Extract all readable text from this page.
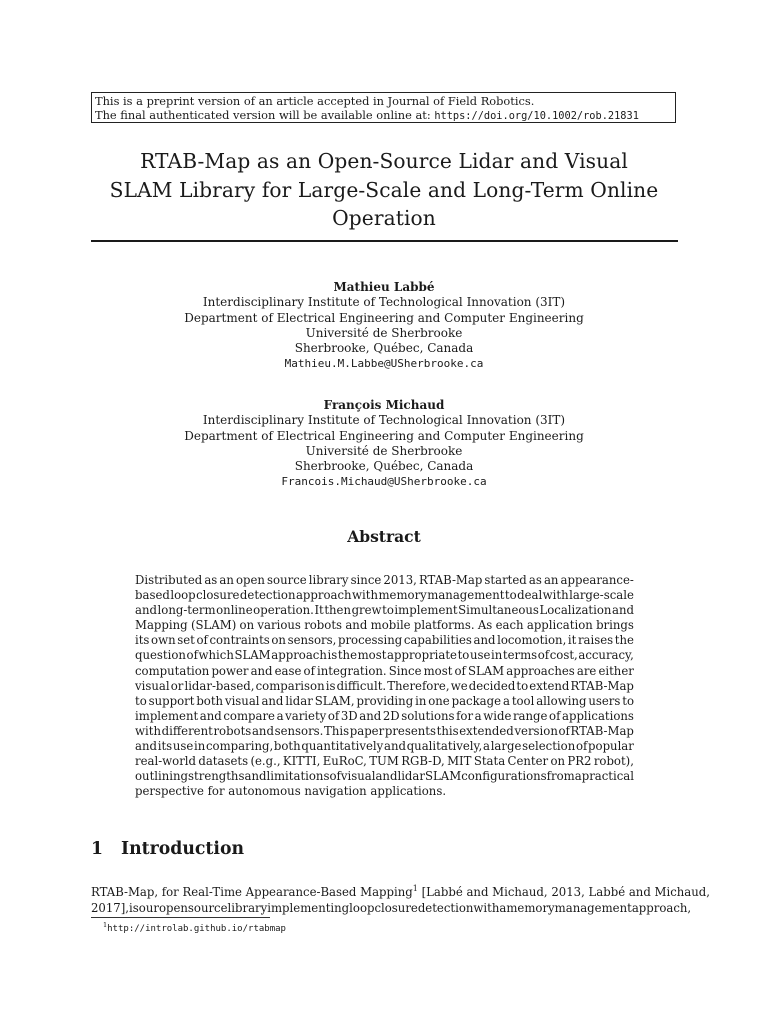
This is a preprint version of an article accepted in Journal of Field Robotics.
The final authenticated version will be available online at: https://doi.org/10.1002/rob.21831
RTAB-Map as an Open-Source Lidar and Visual
SLAM Library for Large-Scale and Long-Term Online
Operation
Mathieu Labbé
Interdisciplinary Institute of Technological Innovation (3IT)
Department of Electrical Engineering and Computer Engineering
Université de Sherbrooke
Sherbrooke, Québec, Canada
Mathieu.M.Labbe@USherbrooke.ca
François Michaud
Interdisciplinary Institute of Technological Innovation (3IT)
Department of Electrical Engineering and Computer Engineering
Université de Sherbrooke
Sherbrooke, Québec, Canada
Francois.Michaud@USherbrooke.ca
Abstract
Distributed as an open source library since 2013, RTAB-Map started as an appearance-
based loop closure detection approach with memory management to deal with large-scale
and long-term online operation. It then grew to implement Simultaneous Localization and
Mapping (SLAM) on various robots and mobile platforms. As each application brings
its own set of contraints on sensors, processing capabilities and locomotion, it raises the
question of which SLAM approach is the most appropriate to use in terms of cost, accuracy,
computation power and ease of integration. Since most of SLAM approaches are either
visual or lidar-based, comparison is difficult. Therefore, we decided to extend RTAB-Map
to support both visual and lidar SLAM, providing in one package a tool allowing users to
implement and compare a variety of 3D and 2D solutions for a wide range of applications
with different robots and sensors. This paper presents this extended version of RTAB-Map
and its use in comparing, both quantitatively and qualitatively, a large selection of popular
real-world datasets (e.g., KITTI, EuRoC, TUM RGB-D, MIT Stata Center on PR2 robot),
outlining strengths and limitations of visual and lidar SLAM configurations from a practical
perspective for autonomous navigation applications.
1 Introduction
RTAB-Map, for Real-Time Appearance-Based Mapping$^1$ [Labbé and Michaud, 2013, Labbé and Michaud,
2017], is our open source library implementing loop closure detection with a memory management approach,
$^1$http://introlab.github.io/rtabmap
